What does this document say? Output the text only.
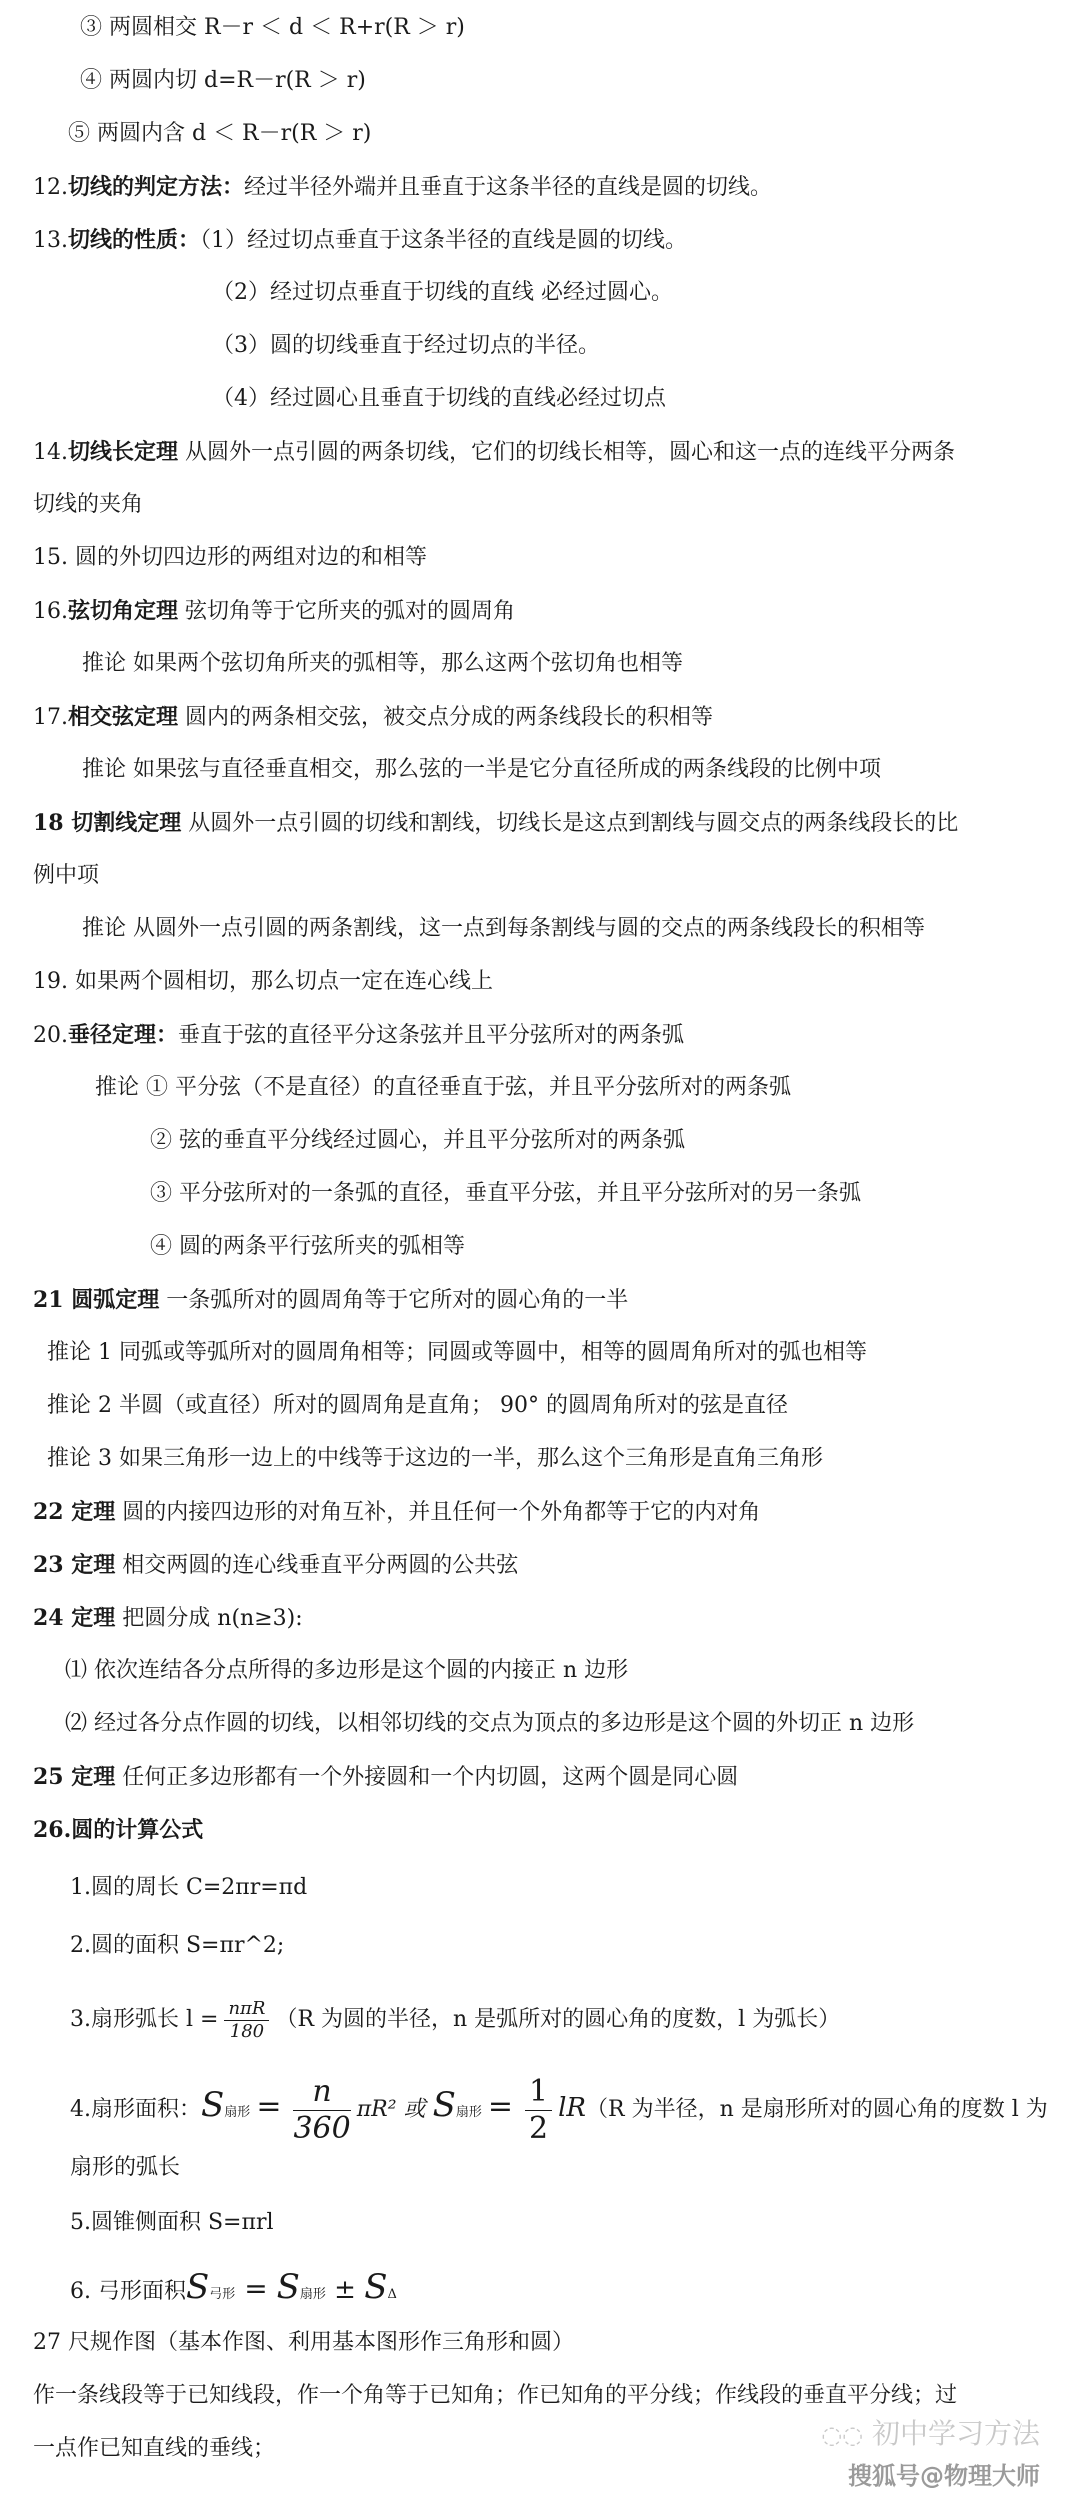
③ 两圆相交 R－r ＜ d ＜ R+r(R ＞ r)
④ 两圆内切 d=R－r(R ＞ r)
⑤ 两圆内含 d ＜ R－r(R ＞ r)
12.切线的判定方法：经过半径外端并且垂直于这条半径的直线是圆的切线。
13.切线的性质：（1）经过切点垂直于这条半径的直线是圆的切线。
（2）经过切点垂直于切线的直线 必经过圆心。
（3）圆的切线垂直于经过切点的半径。
（4）经过圆心且垂直于切线的直线必经过切点
14.切线长定理 从圆外一点引圆的两条切线，它们的切线长相等，圆心和这一点的连线平分两条
切线的夹角
15. 圆的外切四边形的两组对边的和相等
16.弦切角定理 弦切角等于它所夹的弧对的圆周角
推论 如果两个弦切角所夹的弧相等，那么这两个弦切角也相等
17.相交弦定理 圆内的两条相交弦，被交点分成的两条线段长的积相等
推论 如果弦与直径垂直相交，那么弦的一半是它分直径所成的两条线段的比例中项
18 切割线定理 从圆外一点引圆的切线和割线，切线长是这点到割线与圆交点的两条线段长的比
例中项
推论 从圆外一点引圆的两条割线，这一点到每条割线与圆的交点的两条线段长的积相等
19. 如果两个圆相切，那么切点一定在连心线上
20.垂径定理：垂直于弦的直径平分这条弦并且平分弦所对的两条弧
推论 ① 平分弦（不是直径）的直径垂直于弦，并且平分弦所对的两条弧
② 弦的垂直平分线经过圆心，并且平分弦所对的两条弧
③ 平分弦所对的一条弧的直径，垂直平分弦，并且平分弦所对的另一条弧
④ 圆的两条平行弦所夹的弧相等
21 圆弧定理 一条弧所对的圆周角等于它所对的圆心角的一半
推论 1 同弧或等弧所对的圆周角相等；同圆或等圆中，相等的圆周角所对的弧也相等
推论 2 半圆（或直径）所对的圆周角是直角； 90° 的圆周角所对的弦是直径
推论 3 如果三角形一边上的中线等于这边的一半，那么这个三角形是直角三角形
22 定理 圆的内接四边形的对角互补，并且任何一个外角都等于它的内对角
23 定理 相交两圆的连心线垂直平分两圆的公共弦
24 定理 把圆分成 n(n≥3):
⑴ 依次连结各分点所得的多边形是这个圆的内接正 n 边形
⑵ 经过各分点作圆的切线，以相邻切线的交点为顶点的多边形是这个圆的外切正 n 边形
25 定理 任何正多边形都有一个外接圆和一个内切圆，这两个圆是同心圆
26.圆的计算公式
1.圆的周长 C=2πr=πd
2.圆的面积 S=πr^2;
3.扇形弧长 $l = \frac{\text{nπR}}{180} (R$ 为圆的半径，n 是弧所对的圆心角的度数，l 为弧长）
4.扇形面积：S扇形 = $\frac{n}{360} \pi R^2$ 或 S扇形 = $\frac{1}{2} lR(R$ 为半径，n 是扇形所对的圆心角的度数 l 为
扇形的弧长
5.圆锥侧面积 S=πrl
6. 弓形面积S弓形 = S扇形 ± SΔ
27 尺规作图（基本作图、利用基本图形作三角形和圆）
作一条线段等于已知线段，作一个角等于已知角；作已知角的平分线；作线段的垂直平分线；过
一点作已知直线的垂线；	◌◌ 初中学习方法
搜狐号@物理大师
